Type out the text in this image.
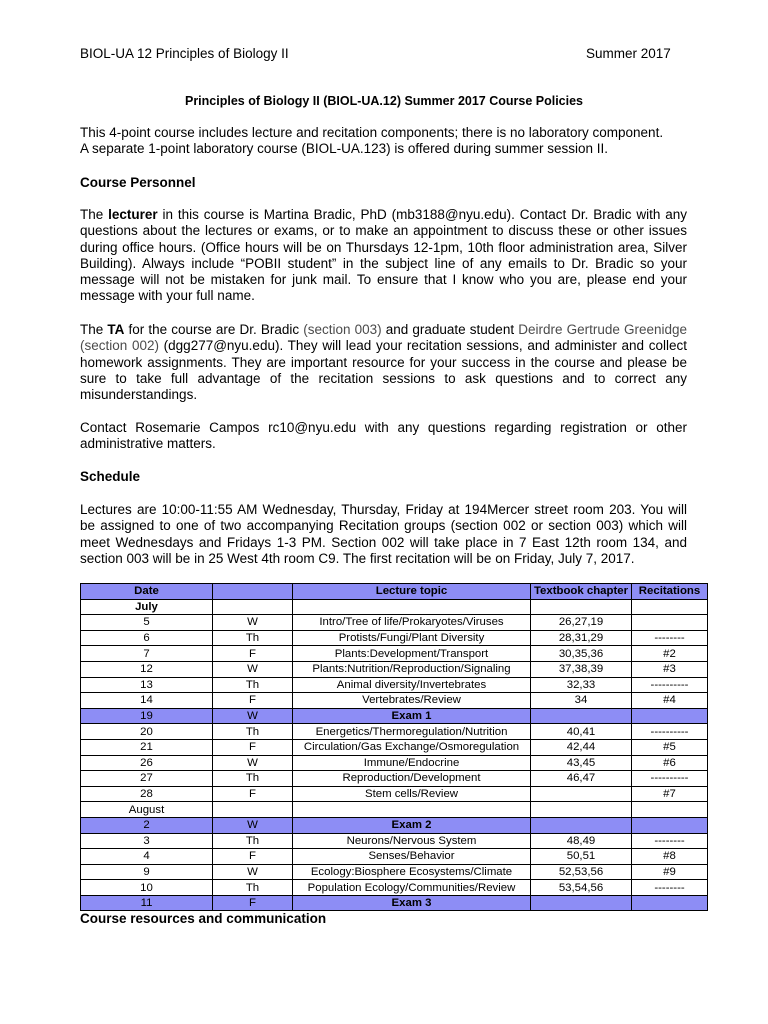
BIOL-UA 12 Principles of Biology II	Summer 2017
Principles of Biology II (BIOL-UA.12) Summer 2017 Course Policies
This 4-point course includes lecture and recitation components; there is no laboratory component.
A separate 1-point laboratory course (BIOL-UA.123) is offered during summer session II.
Course Personnel
The lecturer in this course is Martina Bradic, PhD (mb3188@nyu.edu). Contact Dr. Bradic with any questions about the lectures or exams, or to make an appointment to discuss these or other issues during office hours. (Office hours will be on Thursdays 12-1pm, 10th floor administration area, Silver Building). Always include “POBII student” in the subject line of any emails to Dr. Bradic so your message will not be mistaken for junk mail. To ensure that I know who you are, please end your message with your full name.
The TA for the course are Dr. Bradic (section 003) and graduate student Deirdre Gertrude Greenidge (section 002) (dgg277@nyu.edu). They will lead your recitation sessions, and administer and collect homework assignments. They are important resource for your success in the course and please be sure to take full advantage of the recitation sessions to ask questions and to correct any misunderstandings.
Contact Rosemarie Campos rc10@nyu.edu with any questions regarding registration or other administrative matters.
Schedule
Lectures are 10:00-11:55 AM Wednesday, Thursday, Friday at 194Mercer street room 203. You will be assigned to one of two accompanying Recitation groups (section 002 or section 003) which will meet Wednesdays and Fridays 1-3 PM. Section 002 will take place in 7 East 12th room 134, and section 003 will be in 25 West 4th room C9. The first recitation will be on Friday, July 7, 2017.
Date		Lecture topic	Textbook chapter	Recitations
July				
5	W	Intro/Tree of life/Prokaryotes/Viruses	26,27,19	
6	Th	Protists/Fungi/Plant Diversity	28,31,29	--------
7	F	Plants:Development/Transport	30,35,36	#2
12	W	Plants:Nutrition/Reproduction/Signaling	37,38,39	#3
13	Th	Animal diversity/Invertebrates	32,33	----------
14	F	Vertebrates/Review	34	#4
19	W	Exam 1		
20	Th	Energetics/Thermoregulation/Nutrition	40,41	----------
21	F	Circulation/Gas Exchange/Osmoregulation	42,44	#5
26	W	Immune/Endocrine	43,45	#6
27	Th	Reproduction/Development	46,47	----------
28	F	Stem cells/Review		#7
August				
2	W	Exam 2		
3	Th	Neurons/Nervous System	48,49	--------
4	F	Senses/Behavior	50,51	#8
9	W	Ecology:Biosphere Ecosystems/Climate	52,53,56	#9
10	Th	Population Ecology/Communities/Review	53,54,56	--------
11	F	Exam 3		
Course resources and communication
